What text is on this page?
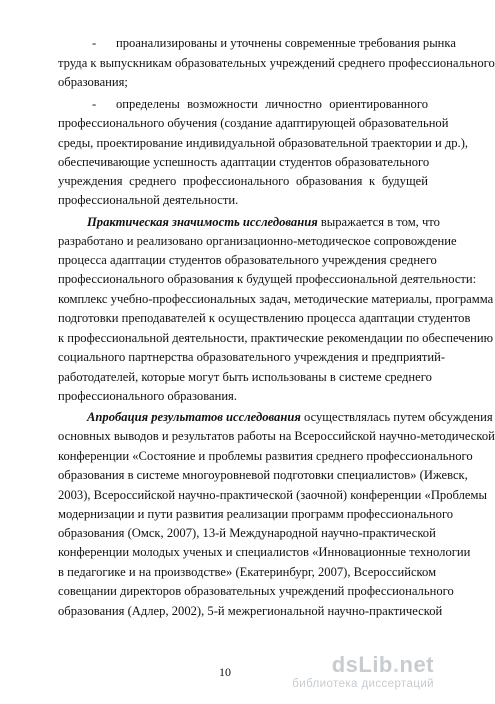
-проанализированы и уточнены современные требования рынка
труда к выпускникам образовательных учреждений среднего профессионального
образования;
-определены возможности личностно ориентированного
профессионального обучения (создание адаптирующей образовательной
среды, проектирование индивидуальной образовательной траектории и др.),
обеспечивающие успешность адаптации студентов образовательного
учреждения среднего профессионального образования к будущей
профессиональной деятельности.
Практическая значимость исследования выражается в том, что
разработано и реализовано организационно-методическое сопровождение
процесса адаптации студентов образовательного учреждения среднего
профессионального образования к будущей профессиональной деятельности:
комплекс учебно-профессиональных задач, методические материалы, программа
подготовки преподавателей к осуществлению процесса адаптации студентов
к профессиональной деятельности, практические рекомендации по обеспечению
социального партнерства образовательного учреждения и предприятий-
работодателей, которые могут быть использованы в системе среднего
профессионального образования.
Апробация результатов исследования осуществлялась путем обсуждения
основных выводов и результатов работы на Всероссийской научно-методической
конференции «Состояние и проблемы развития среднего профессионального
образования в системе многоуровневой подготовки специалистов» (Ижевск,
2003), Всероссийской научно-практической (заочной) конференции «Проблемы
модернизации и пути развития реализации программ профессионального
образования (Омск, 2007), 13-й Международной научно-практической
конференции молодых ученых и специалистов «Инновационные технологии
в педагогике и на производстве» (Екатеринбург, 2007), Всероссийском
совещании директоров образовательных учреждений профессионального
образования (Адлер, 2002), 5-й межрегиональной научно-практической
10	dsLib.net
библиотека диссертаций
